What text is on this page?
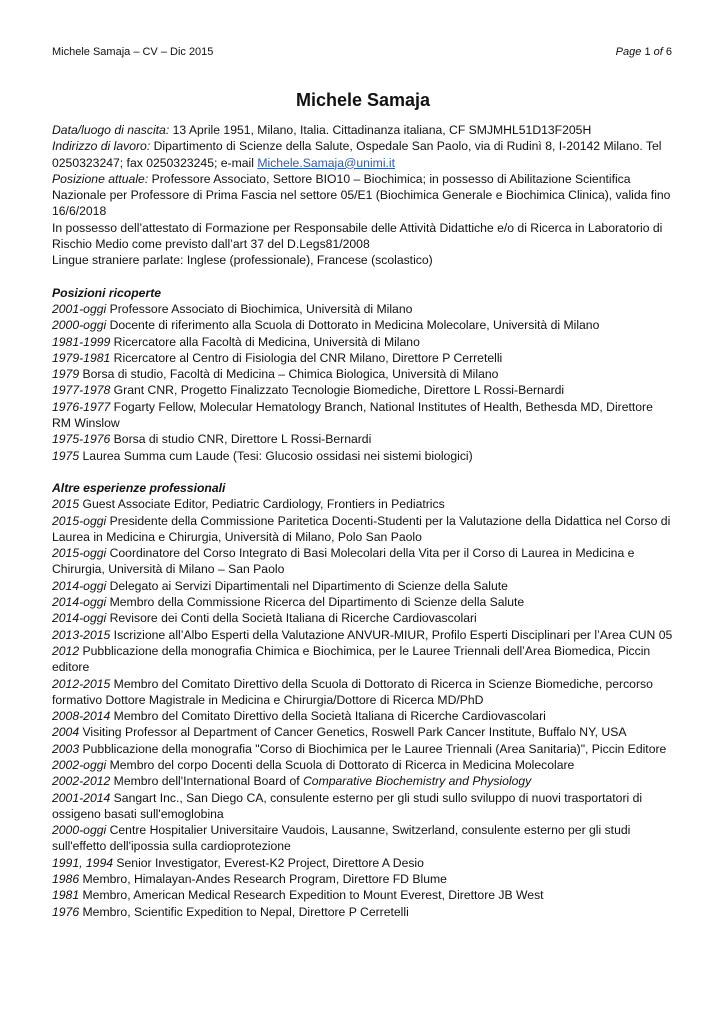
Michele Samaja – CV – Dic 2015	Page 1 of 6
Michele Samaja

Data/luogo di nascita: 13 Aprile 1951, Milano, Italia. Cittadinanza italiana, CF SMJMHL51D13F205H

Indirizzo di lavoro: Dipartimento di Scienze della Salute, Ospedale San Paolo, via di Rudinì 8, I-20142 Milano. Tel 0250323247; fax 0250323245; e-mail Michele.Samaja@unimi.it

Posizione attuale: Professore Associato, Settore BIO10 – Biochimica; in possesso di Abilitazione Scientifica Nazionale per Professore di Prima Fascia nel settore 05/E1 (Biochimica Generale e Biochimica Clinica), valida fino 16/6/2018

In possesso dell’attestato di Formazione per Responsabile delle Attività Didattiche e/o di Ricerca in Laboratorio di Rischio Medio come previsto dall’art 37 del D.Legs81/2008

Lingue straniere parlate: Inglese (professionale), Francese (scolastico)

Posizioni ricoperte

2001-oggi Professore Associato di Biochimica, Università di Milano

2000-oggi Docente di riferimento alla Scuola di Dottorato in Medicina Molecolare, Università di Milano

1981-1999 Ricercatore alla Facoltà di Medicina, Università di Milano

1979-1981 Ricercatore al Centro di Fisiologia del CNR Milano, Direttore P Cerretelli

1979 Borsa di studio, Facoltà di Medicina – Chimica Biologica, Università di Milano

1977-1978 Grant CNR, Progetto Finalizzato Tecnologie Biomediche, Direttore L Rossi-Bernardi

1976-1977 Fogarty Fellow, Molecular Hematology Branch, National Institutes of Health, Bethesda MD, Direttore RM Winslow

1975-1976 Borsa di studio CNR, Direttore L Rossi-Bernardi

1975 Laurea Summa cum Laude (Tesi: Glucosio ossidasi nei sistemi biologici)

Altre esperienze professionali

2015 Guest Associate Editor, Pediatric Cardiology, Frontiers in Pediatrics

2015-oggi Presidente della Commissione Paritetica Docenti-Studenti per la Valutazione della Didattica nel Corso di Laurea in Medicina e Chirurgia, Università di Milano, Polo San Paolo

2015-oggi Coordinatore del Corso Integrato di Basi Molecolari della Vita per il Corso di Laurea in Medicina e Chirurgia, Università di Milano – San Paolo

2014-oggi Delegato ai Servizi Dipartimentali nel Dipartimento di Scienze della Salute

2014-oggi Membro della Commissione Ricerca del Dipartimento di Scienze della Salute

2014-oggi Revisore dei Conti della Società Italiana di Ricerche Cardiovascolari

2013-2015 Iscrizione all’Albo Esperti della Valutazione ANVUR-MIUR, Profilo Esperti Disciplinari per l’Area CUN 05

2012 Pubblicazione della monografia Chimica e Biochimica, per le Lauree Triennali dell’Area Biomedica, Piccin editore

2012-2015 Membro del Comitato Direttivo della Scuola di Dottorato di Ricerca in Scienze Biomediche, percorso formativo Dottore Magistrale in Medicina e Chirurgia/Dottore di Ricerca MD/PhD

2008-2014 Membro del Comitato Direttivo della Società Italiana di Ricerche Cardiovascolari

2004 Visiting Professor al Department of Cancer Genetics, Roswell Park Cancer Institute, Buffalo NY, USA

2003 Pubblicazione della monografia "Corso di Biochimica per le Lauree Triennali (Area Sanitaria)", Piccin Editore

2002-oggi Membro del corpo Docenti della Scuola di Dottorato di Ricerca in Medicina Molecolare

2002-2012 Membro dell'International Board of Comparative Biochemistry and Physiology

2001-2014 Sangart Inc., San Diego CA, consulente esterno per gli studi sullo sviluppo di nuovi trasportatori di ossigeno basati sull'emoglobina

2000-oggi Centre Hospitalier Universitaire Vaudois, Lausanne, Switzerland, consulente esterno per gli studi sull'effetto dell'ipossia sulla cardioprotezione

1991, 1994 Senior Investigator, Everest-K2 Project, Direttore A Desio

1986 Membro, Himalayan-Andes Research Program, Direttore FD Blume

1981 Membro, American Medical Research Expedition to Mount Everest, Direttore JB West

1976 Membro, Scientific Expedition to Nepal, Direttore P Cerretelli
